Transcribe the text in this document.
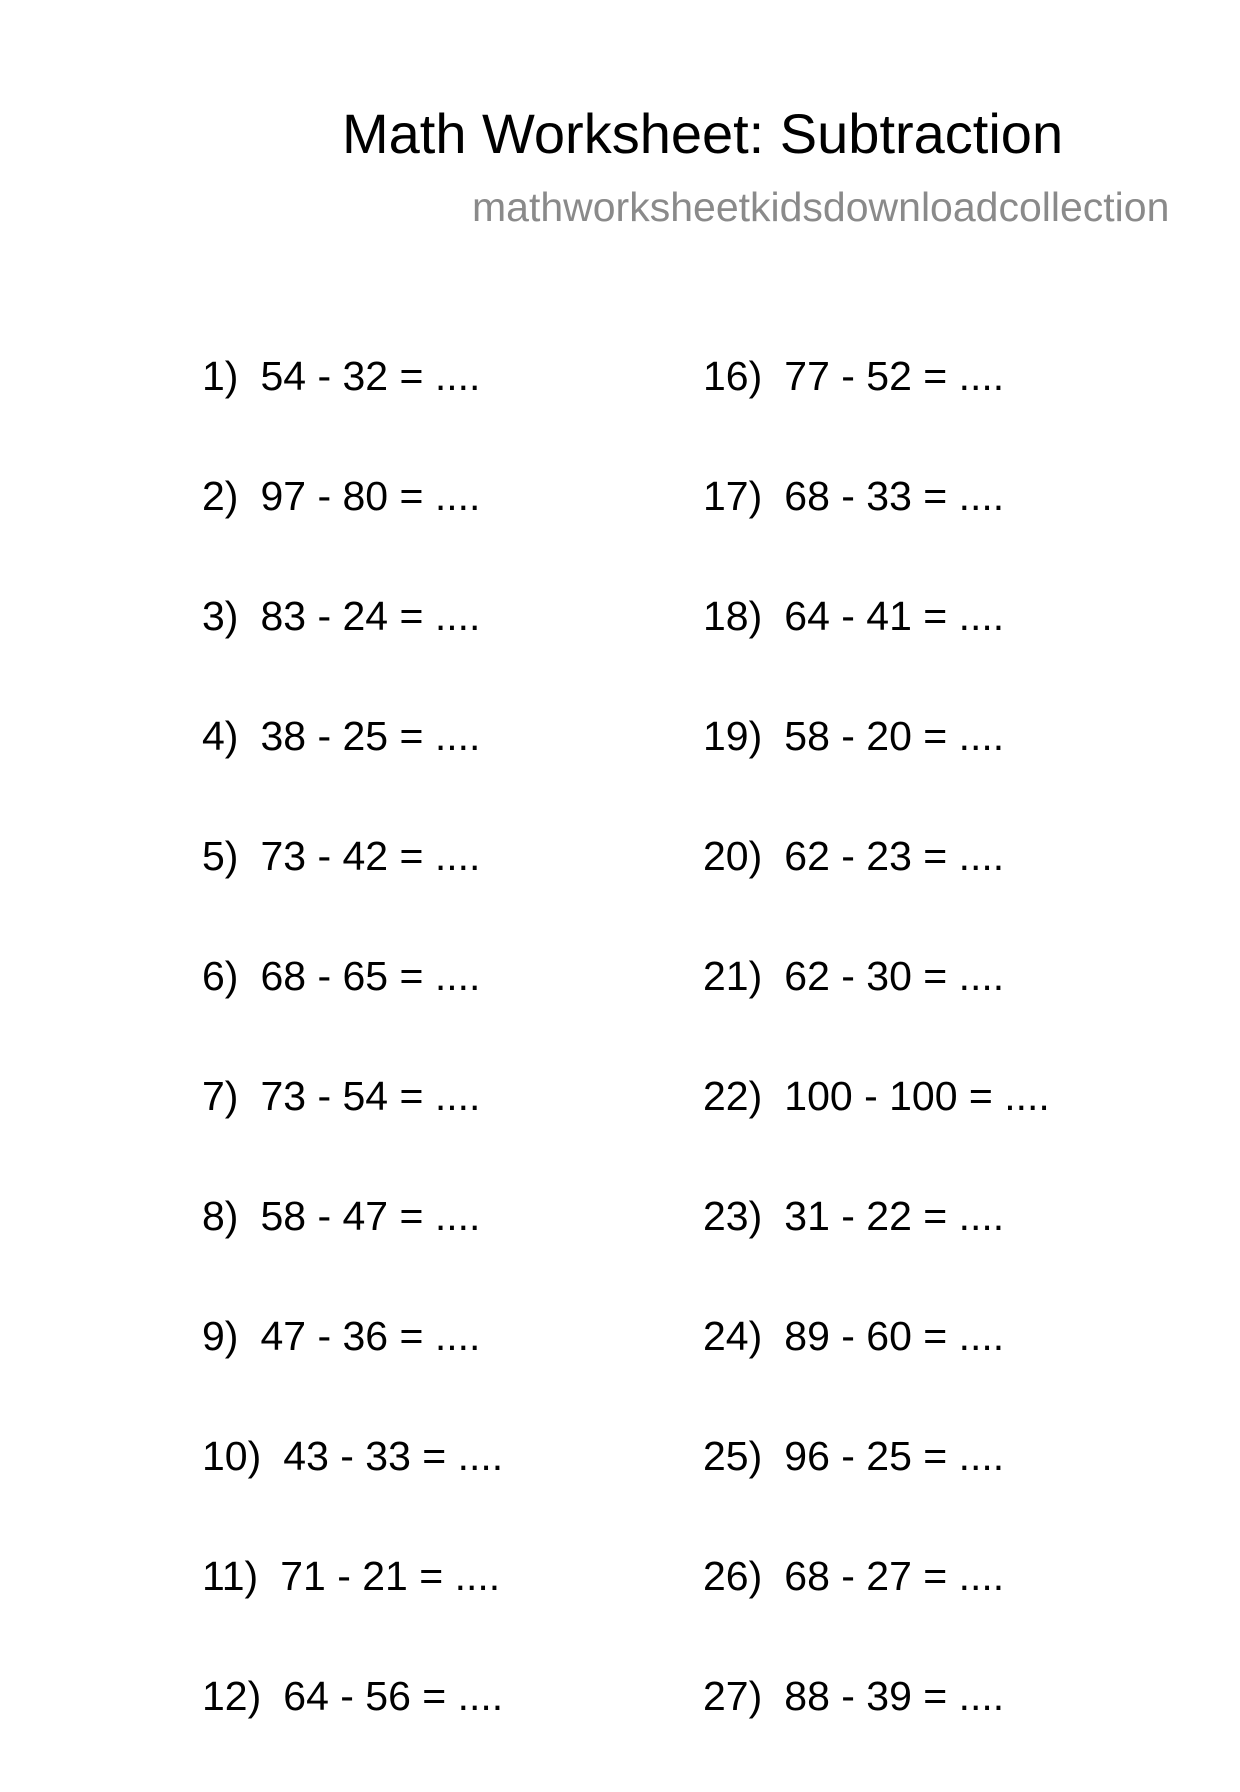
Math Worksheet: Subtraction
mathworksheetkidsdownloadcollection
1) 54 - 32 = ....
2) 97 - 80 = ....
3) 83 - 24 = ....
4) 38 - 25 = ....
5) 73 - 42 = ....
6) 68 - 65 = ....
7) 73 - 54 = ....
8) 58 - 47 = ....
9) 47 - 36 = ....
10) 43 - 33 = ....
11) 71 - 21 = ....
12) 64 - 56 = ....
16) 77 - 52 = ....
17) 68 - 33 = ....
18) 64 - 41 = ....
19) 58 - 20 = ....
20) 62 - 23 = ....
21) 62 - 30 = ....
22) 100 - 100 = ....
23) 31 - 22 = ....
24) 89 - 60 = ....
25) 96 - 25 = ....
26) 68 - 27 = ....
27) 88 - 39 = ....
